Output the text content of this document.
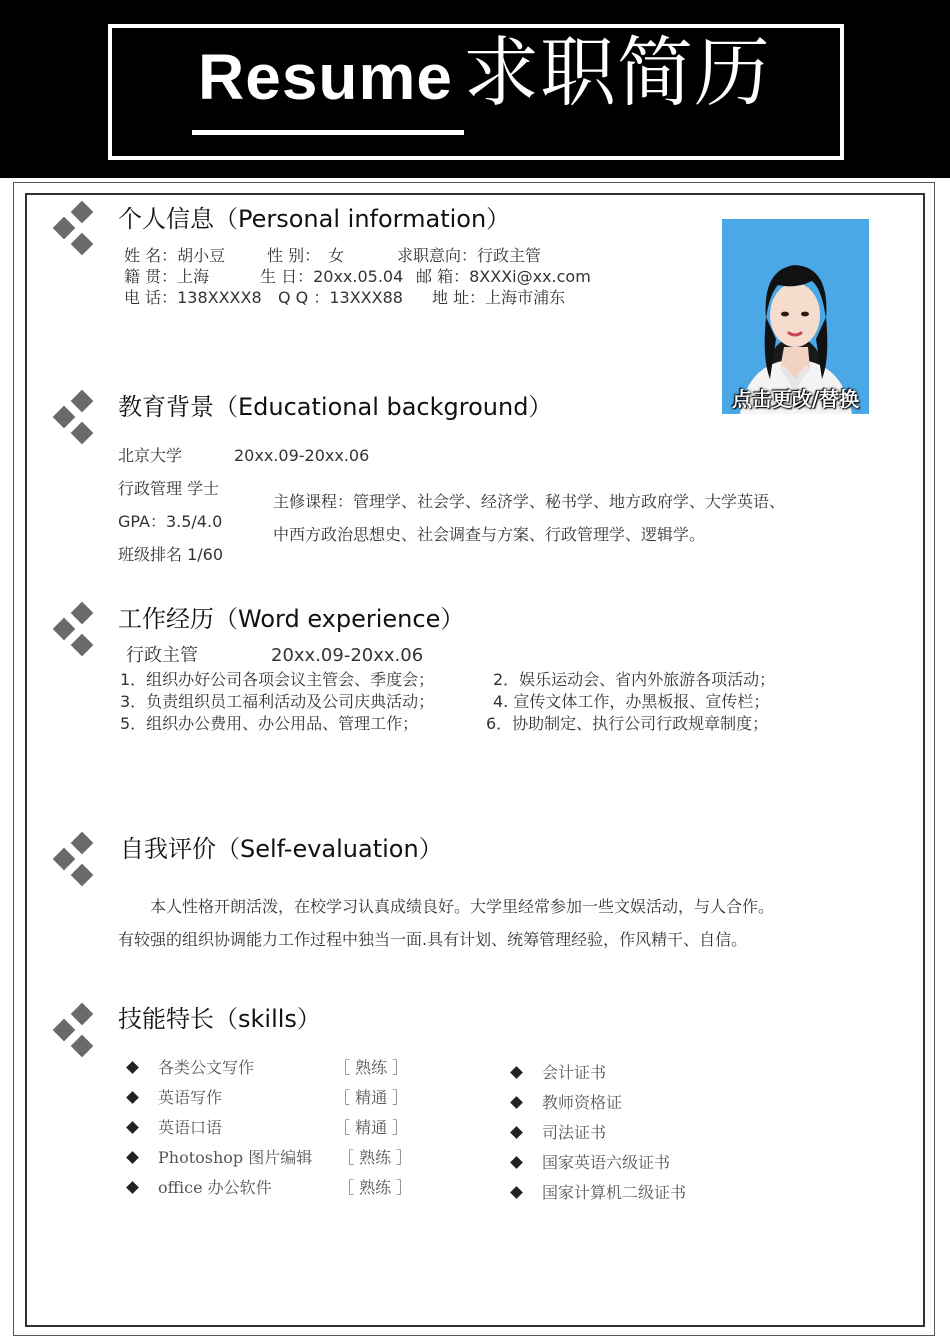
Resume 求职简历
个人信息（Personal information）
姓 名：胡小豆	性 别：　女	求职意向：行政主管
籍 贯：上海	生 日：20xx.05.04 邮 箱：8XXXi@xx.com
电 话：138XXXX8 Q Q ：13XXX88 地 址：上海市浦东
点击更改/替换
教育背景（Educational background）
北京大学	20xx.09-20xx.06
行政管理 学士
GPA：3.5/4.0
班级排名 1/60
主修课程：管理学、社会学、经济学、秘书学、地方政府学、大学英语、
中西方政治思想史、社会调查与方案、行政管理学、逻辑学。
工作经历（Word experience）
行政主管	20xx.09-20xx.06
1．组织办好公司各项会议主管会、季度会；	2．娱乐运动会、省内外旅游各项活动；
3．负责组织员工福利活动及公司庆典活动；	4. 宣传文体工作，办黑板报、宣传栏；
5．组织办公费用、办公用品、管理工作；	6．协助制定、执行公司行政规章制度；
自我评价（Self-evaluation）
本人性格开朗活泼，在校学习认真成绩良好。大学里经常参加一些文娱活动，与人合作。
有较强的组织协调能力工作过程中独当一面.具有计划、统筹管理经验，作风精干、自信。
技能特长（skills）
各类公文写作	［ 熟练 ］
英语写作	［ 精通 ］
英语口语	［ 精通 ］
Photoshop 图片编辑 ［ 熟练 ］
office 办公软件	［ 熟练 ］
会计证书
教师资格证
司法证书
国家英语六级证书
国家计算机二级证书
